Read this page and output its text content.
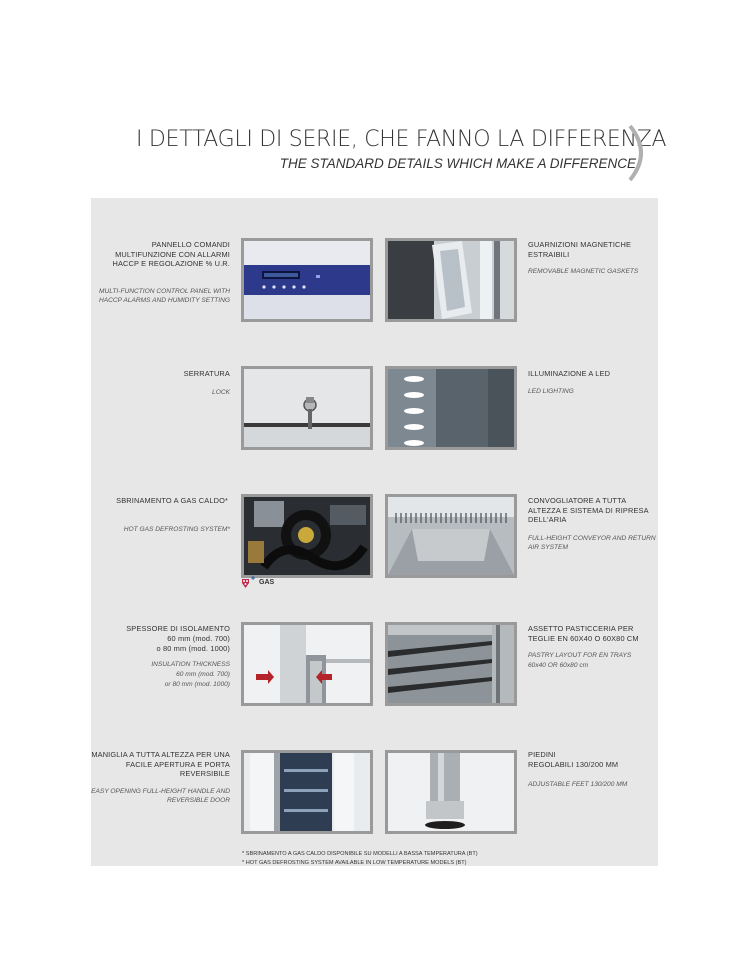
I DETTAGLI DI SERIE, CHE FANNO LA DIFFERENZA
THE STANDARD DETAILS WHICH MAKE A DIFFERENCE
PANNELLO COMANDI MULTIFUNZIONE CON ALLARMI HACCP E REGOLAZIONE % U.R.
MULTI-FUNCTION CONTROL PANEL WITH HACCP ALARMS AND HUMIDITY SETTING
GUARNIZIONI MAGNETICHE ESTRAIBILI
REMOVABLE MAGNETIC GASKETS
SERRATURA
LOCK
ILLUMINAZIONE A LED
LED LIGHTING
SBRINAMENTO A GAS CALDO*
HOT GAS DEFROSTING SYSTEM*
GAS
CONVOGLIATORE A TUTTA ALTEZZA E SISTEMA DI RIPRESA DELL'ARIA
FULL-HEIGHT CONVEYOR AND RETURN AIR SYSTEM
SPESSORE DI ISOLAMENTO
60 mm (mod. 700)
o 80 mm (mod. 1000)
INSULATION THICKNESS
60 mm (mod. 700)
or 80 mm (mod. 1000)
ASSETTO PASTICCERIA PER
TEGLIE EN 60X40 O 60X80 CM
PASTRY LAYOUT FOR EN TRAYS
60x40 OR 60x80 cm
MANIGLIA A TUTTA ALTEZZA PER UNA FACILE APERTURA E PORTA REVERSIBILE
EASY OPENING FULL-HEIGHT HANDLE AND REVERSIBLE DOOR
PIEDINI
REGOLABILI 130/200 MM
ADJUSTABLE FEET 130/200 MM
* SBRINAMENTO A GAS CALDO DISPONIBILE SU MODELLI A BASSA TEMPERATURA (BT)
* HOT GAS DEFROSTING SYSTEM AVAILABLE IN LOW TEMPERATURE MODELS (BT)
